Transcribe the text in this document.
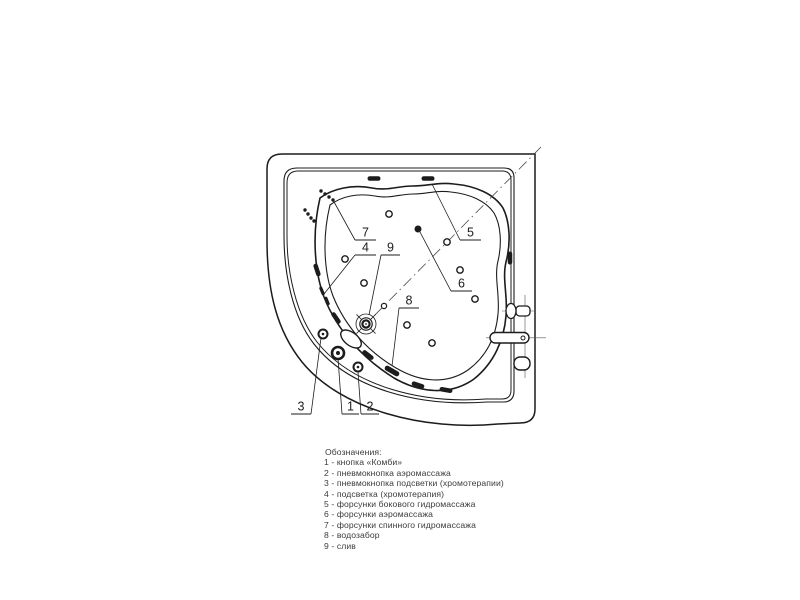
1 2
3
4
5
6
7
8
9
Обозначения:
1 - кнопка «Комби»
2 - пневмокнопка аэромассажа
3 - пневмокнопка подсветки (хромотерапии)
4 - подсветка (хромотерапия)
5 - форсунки бокового гидромассажа
6 - форсунки аэромассажа
7 - форсунки спинного гидромассажа
8 - водозабор
9 - слив
